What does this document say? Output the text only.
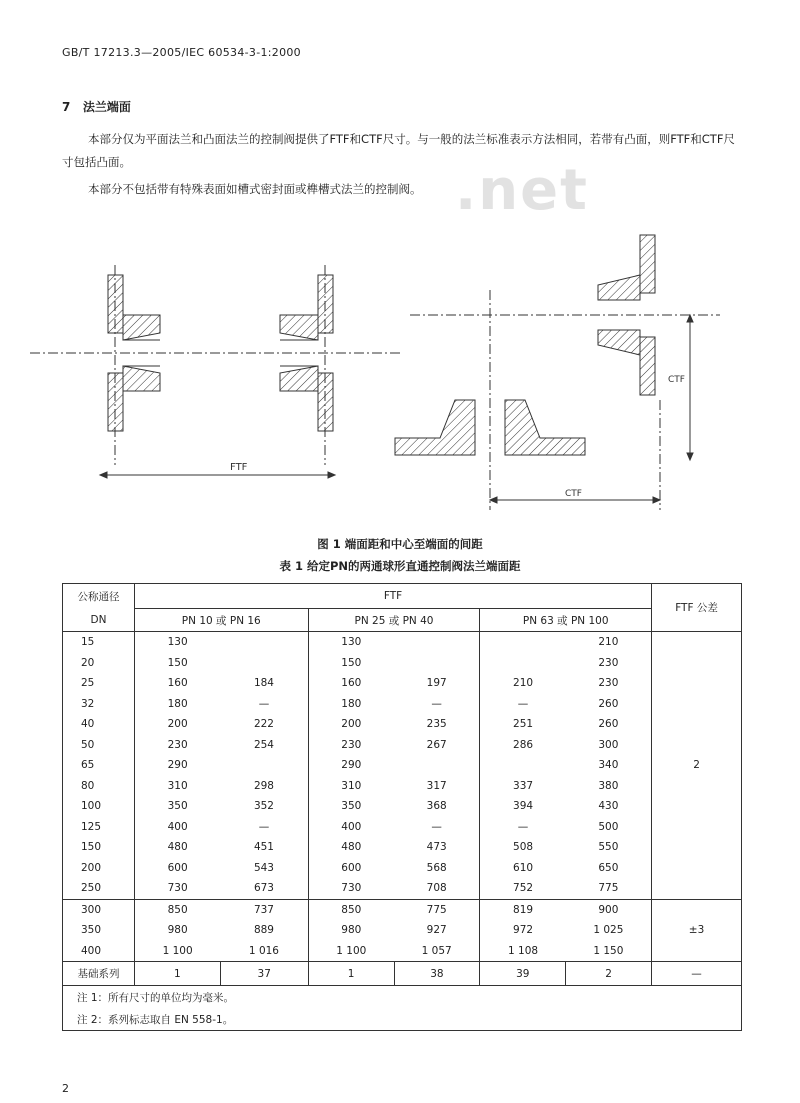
GB/T 17213.3—2005/IEC 60534-3-1:2000
7 法兰端面
本部分仅为平面法兰和凸面法兰的控制阀提供了FTF和CTF尺寸。与一般的法兰标准表示方法相同，若带有凸面，则FTF和CTF尺寸包括凸面。
本部分不包括带有特殊表面如槽式密封面或榫槽式法兰的控制阀。 .net
FTF
CTF
CTF
图 1 端面距和中心至端面的间距
表 1 给定PN的两通球形直通控制阀法兰端面距
公称通径	FTF						FTF 公差
DN	PN 10 或 PN 16		PN 25 或 PN 40		PN 63 或 PN 100		
15	130		130			210	2
20	150		150			230	
25	160	184	160	197	210	230	
32	180	—	180	—	—	260	
40	200	222	200	235	251	260	
50	230	254	230	267	286	300	
65	290		290			340	
80	310	298	310	317	337	380	
100	350	352	350	368	394	430	
125	400	—	400	—	—	500	
150	480	451	480	473	508	550	
200	600	543	600	568	610	650	
250	730	673	730	708	752	775	
300	850	737	850	775	819	900	±3
350	980	889	980	927	972	1 025	
400	1 100	1 016	1 100	1 057	1 108	1 150	
基础系列	1	37	1	38	39	2	—
注 1：所有尺寸的单位均为毫米。							
注 2：系列标志取自 EN 558-1。							
2
